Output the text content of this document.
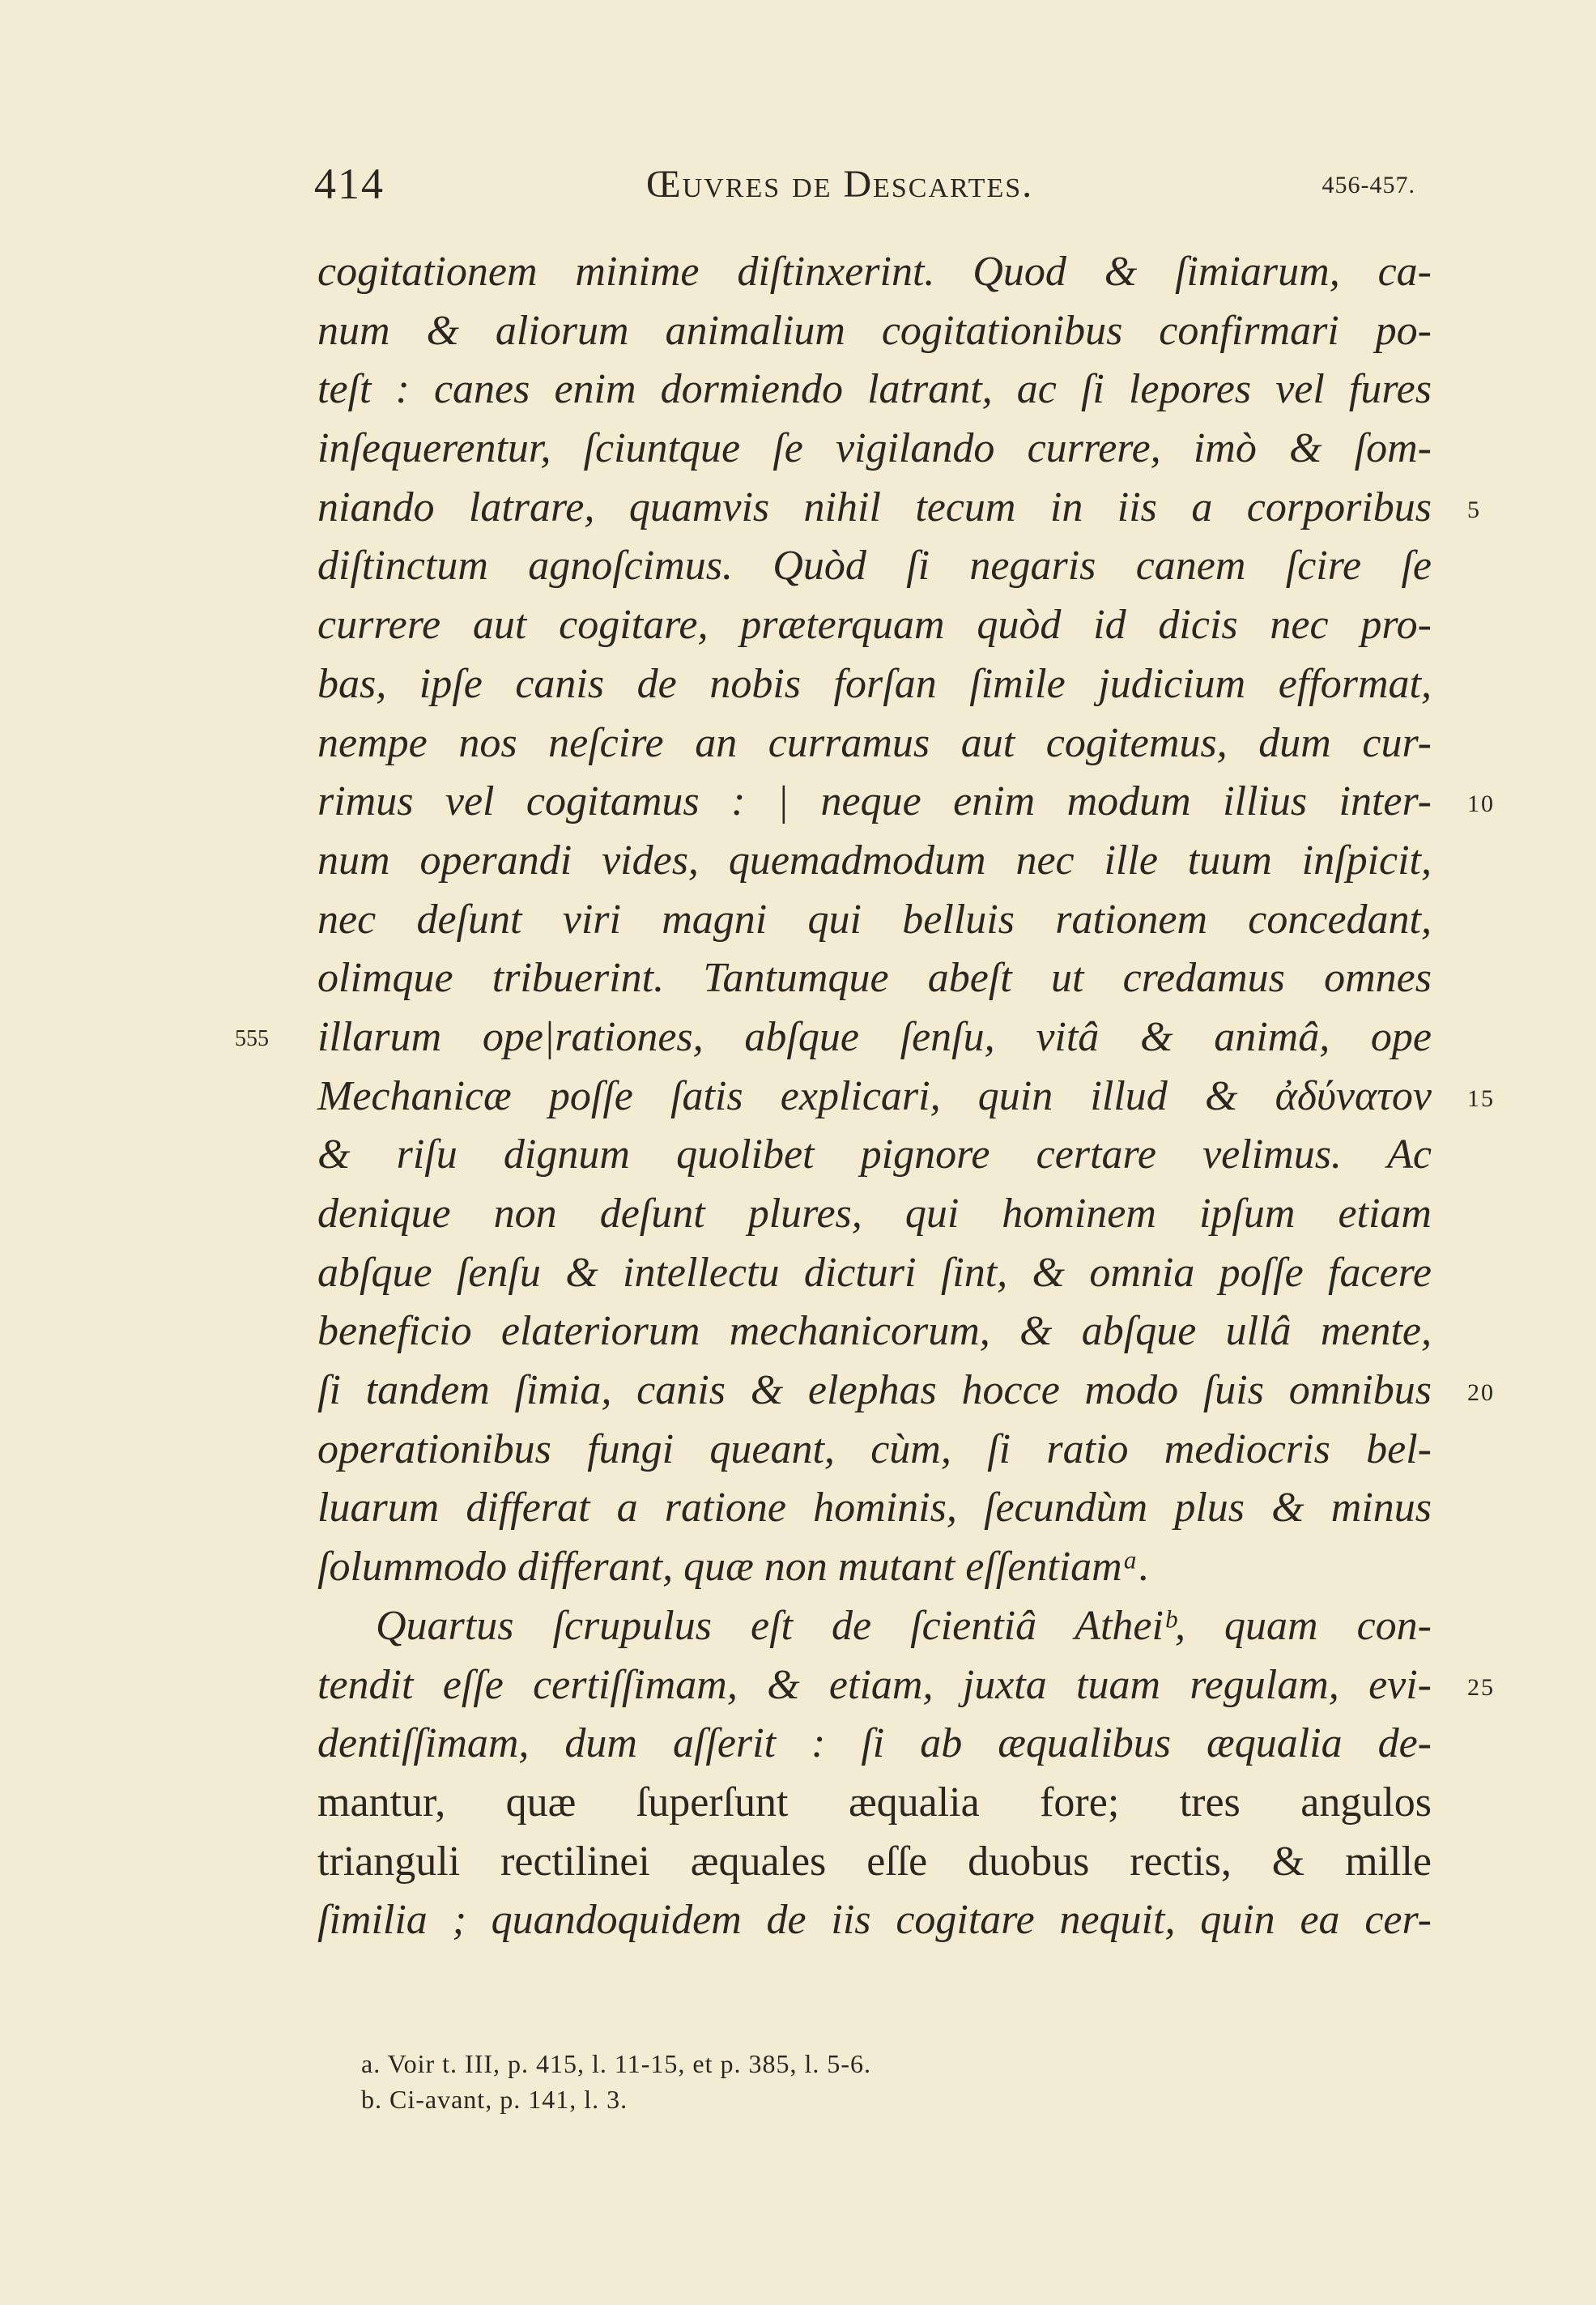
414	Œuvres de Descartes.	456-457.
cogitationem minime diſtinxerint. Quod & ſimiarum, ca-
num & aliorum animalium cogitationibus confirmari po-
teſt : canes enim dormiendo latrant, ac ſi lepores vel fures
inſequerentur, ſciuntque ſe vigilando currere, imò & ſom-
niando latrare, quamvis nihil tecum in iis a corporibus
diſtinctum agnoſcimus. Quòd ſi negaris canem ſcire ſe
currere aut cogitare, præterquam quòd id dicis nec pro-
bas, ipſe canis de nobis forſan ſimile judicium efformat,
nempe nos neſcire an curramus aut cogitemus, dum cur-
rimus vel cogitamus : | neque enim modum illius inter-
num operandi vides, quemadmodum nec ille tuum inſpicit,
nec deſunt viri magni qui belluis rationem concedant,
olimque tribuerint. Tantumque abeſt ut credamus omnes
illarum ope|rationes, abſque ſenſu, vitâ & animâ, ope
Mechanicæ poſſe ſatis explicari, quin illud & ἀδύνατον
& riſu dignum quolibet pignore certare velimus. Ac
denique non deſunt plures, qui hominem ipſum etiam
abſque ſenſu & intellectu dicturi ſint, & omnia poſſe facere
beneficio elateriorum mechanicorum, & abſque ullâ mente,
ſi tandem ſimia, canis & elephas hocce modo ſuis omnibus
operationibus fungi queant, cùm, ſi ratio mediocris bel-
luarum differat a ratione hominis, ſecundùm plus & minus
ſolummodo differant, quæ non mutant eſſentiamᵃ.
Quartus ſcrupulus eſt de ſcientiâ Atheiᵇ, quam con-
tendit eſſe certiſſimam, & etiam, juxta tuam regulam, evi-
dentiſſimam, dum aſſerit : ſi ab æqualibus æqualia de-
mantur, quæ ſuperſunt æqualia fore; tres angulos
trianguli rectilinei æquales eſſe duobus rectis, & mille
ſimilia ; quandoquidem de iis cogitare nequit, quin ea cer-
5
10
15
20
25
555
a. Voir t. III, p. 415, l. 11-15, et p. 385, l. 5-6.
b. Ci-avant, p. 141, l. 3.
